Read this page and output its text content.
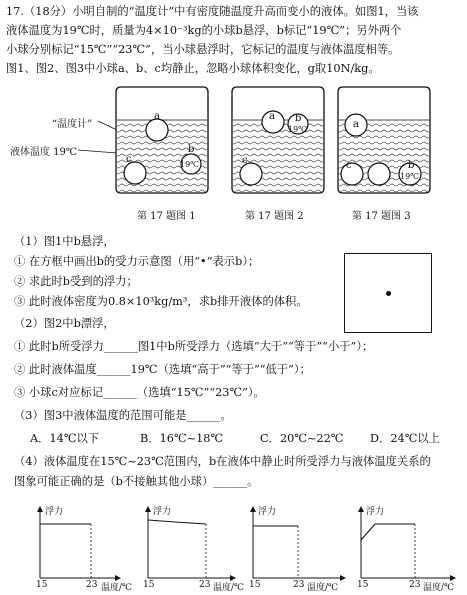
17.（18分）小明自制的“温度计”中有密度随温度升高而变小的液体。如图1，当该
液体温度为19℃时，质量为4×10⁻³kg的小球b悬浮，b标记“19℃”；另外两个
小球分别标记“15℃”“23℃”，当小球悬浮时，它标记的温度与液体温度相等。
图1、图2、图3中小球a、b、c均静止，忽略小球体积变化，g取10N/kg。
“温度计”
液体温度 19℃
a
c
b
19℃
第 17 题图 1
a b
19℃
c
第 17 题图 2
a
c	b
19℃
第 17 题图 3
（1）图1中b悬浮，
① 在方框中画出b的受力示意图（用“•”表示b）；
② 求此时b受到的浮力；
③ 此时液体密度为0.8×10³kg/m³，求b排开液体的体积。
（2）图2中b漂浮，
① 此时b所受浮力______图1中b所受浮力（选填“大于”“等于”“小于”）；
② 此时液体温度______19℃（选填“高于”“等于”“低于”）；
③ 小球c对应标记______（选填“15℃”“23℃”）。
（3）图3中液体温度的范围可能是______。
A．14℃以下	B．16℃~18℃	C．20℃~22℃ D．24℃以上
（4）液体温度在15℃~23℃范围内，b在液体中静止时所受浮力与液体温度关系的
图象可能正确的是（b不接触其他小球）______。
浮力
15	23 温度/℃
浮力
15	23 温度/℃
浮力
15	23 温度/℃
浮力
15	23 温度/℃
